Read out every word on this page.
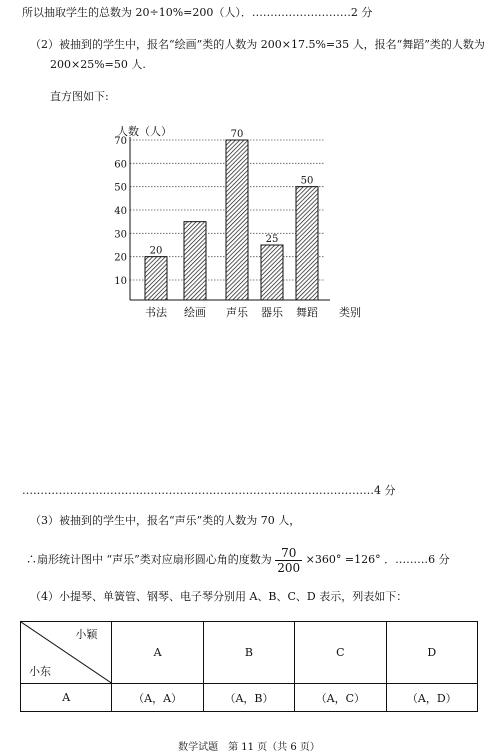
所以抽取学生的总数为 20÷10%=200（人）．………………………2 分
（2）被抽到的学生中，报名“绘画”类的人数为 200×17.5%=35 人，报名“舞蹈”类的人数为
200×25%=50 人.
直方图如下:
10
20
30
40
50
60
70
人数（人）
类别
20
书法 绘画
70
声乐
25
器乐
50
舞蹈
……………………………………………………………………………………4 分
（3）被抽到的学生中，报名“声乐”类的人数为 70 人，
∴扇形统计图中 “声乐”类对应扇形圆心角的度数为 $\frac{70}{200} \times 360^\circ =126^\circ$ ．………6 分
（4）小提琴、单簧管、钢琴、电子琴分别用 A、B、C、D 表示，列表如下：
小颖
小东	A	B	C	D
A	（A，A）	（A，B）	（A，C）	（A，D）
数学试题　第 11 页（共 6 页）
